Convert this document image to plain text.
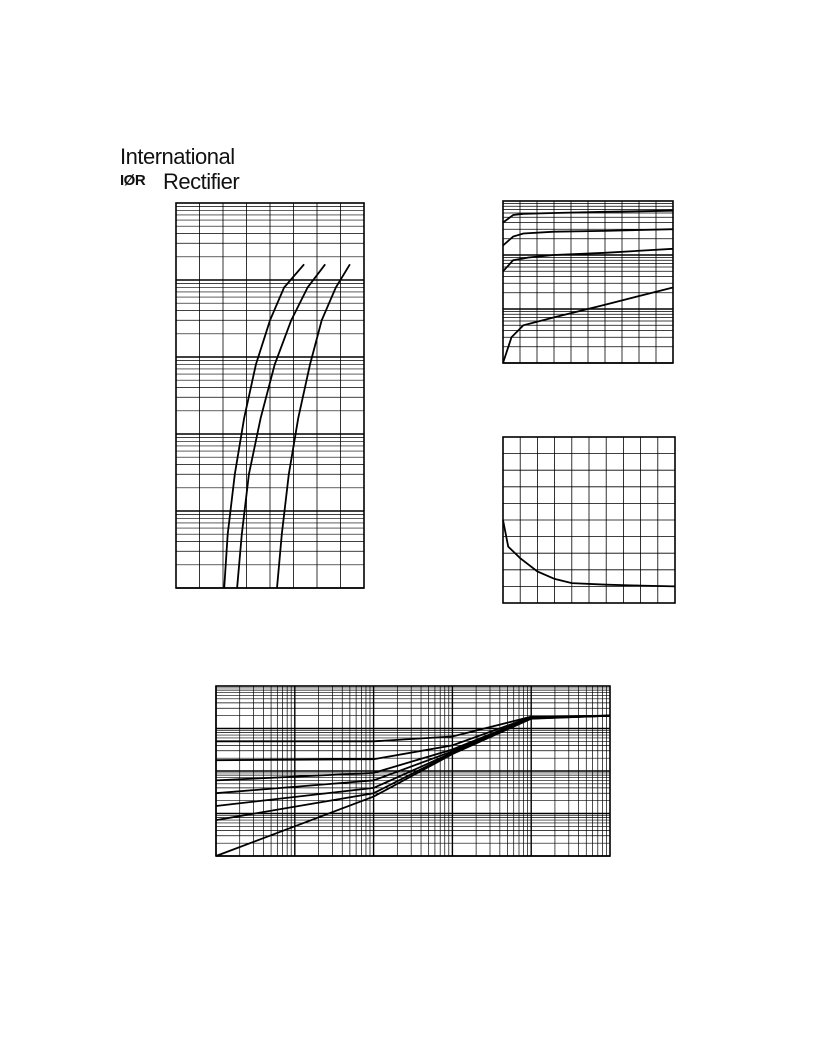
International
IØR Rectifier
